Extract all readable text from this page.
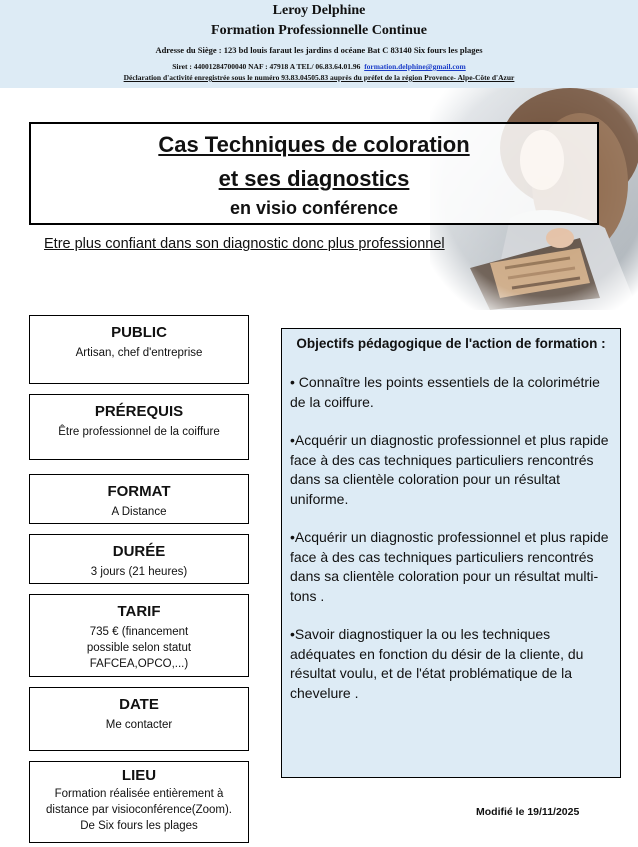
Leroy Delphine
Formation Professionnelle Continue
Adresse du Siège : 123 bd louis faraut les jardins d océane Bat C 83140 Six fours les plages
Siret : 44001284700040 NAF : 47918 A TEL/ 06.83.64.01.96 formation.delphine@gmail.com
Déclaration d'activité enregistrée sous le numéro 93.83.04505.83 auprès du préfet de la région Provence- Alpe-Côte d'Azur
Cas Techniques de coloration
et ses diagnostics
en visio conférence
Etre plus confiant dans son diagnostic donc plus professionnel
PUBLIC
Artisan, chef d'entreprise
PRÉREQUIS
Être professionnel de la coiffure
FORMAT
A Distance
DURÉE
3 jours (21 heures)
TARIF
735 € (financement
possible selon statut
FAFCEA,OPCO,...)
DATE
Me contacter
LIEU
Formation réalisée entièrement à
distance par visioconférence(Zoom).
De Six fours les plages
Objectifs pédagogique de l'action de formation :
• Connaître les points essentiels de la colorimétrie de la coiffure.
•Acquérir un diagnostic professionnel et plus rapide face à des cas techniques particuliers rencontrés dans sa clientèle coloration pour un résultat uniforme.
•Acquérir un diagnostic professionnel et plus rapide face à des cas techniques particuliers rencontrés dans sa clientèle coloration pour un résultat multi- tons .
•Savoir diagnostiquer la ou les techniques adéquates en fonction du désir de la cliente, du résultat voulu, et de l'état problématique de la chevelure .
Modifié le 19/11/2025
